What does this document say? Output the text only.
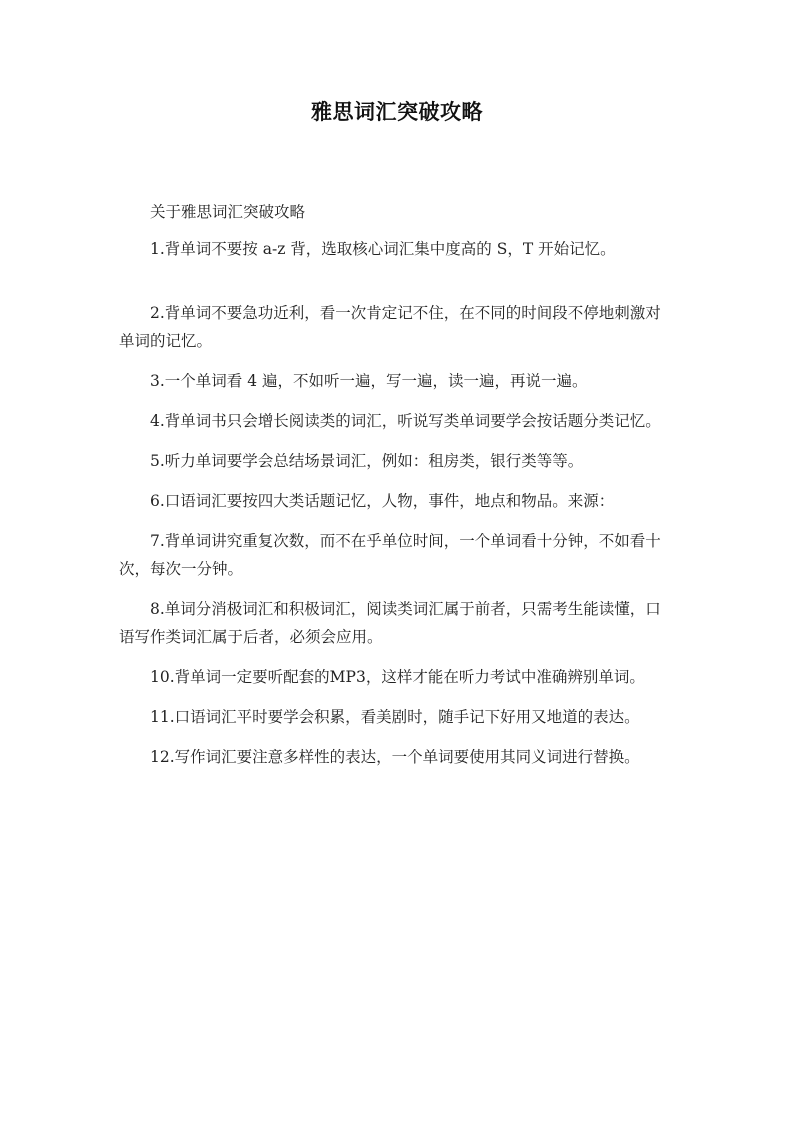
雅思词汇突破攻略

关于雅思词汇突破攻略

1.背单词不要按 a-z 背，选取核心词汇集中度高的 S，T 开始记忆。

2.背单词不要急功近利，看一次肯定记不住，在不同的时间段不停地刺激对单词的记忆。

3.一个单词看 4 遍，不如听一遍，写一遍，读一遍，再说一遍。

4.背单词书只会增长阅读类的词汇，听说写类单词要学会按话题分类记忆。

5.听力单词要学会总结场景词汇，例如：租房类，银行类等等。

6.口语词汇要按四大类话题记忆，人物，事件，地点和物品。来源：

7.背单词讲究重复次数，而不在乎单位时间，一个单词看十分钟，不如看十次，每次一分钟。

8.单词分消极词汇和积极词汇，阅读类词汇属于前者，只需考生能读懂，口语写作类词汇属于后者，必须会应用。

10.背单词一定要听配套的MP3，这样才能在听力考试中准确辨别单词。

11.口语词汇平时要学会积累，看美剧时，随手记下好用又地道的表达。

12.写作词汇要注意多样性的表达，一个单词要使用其同义词进行替换。
